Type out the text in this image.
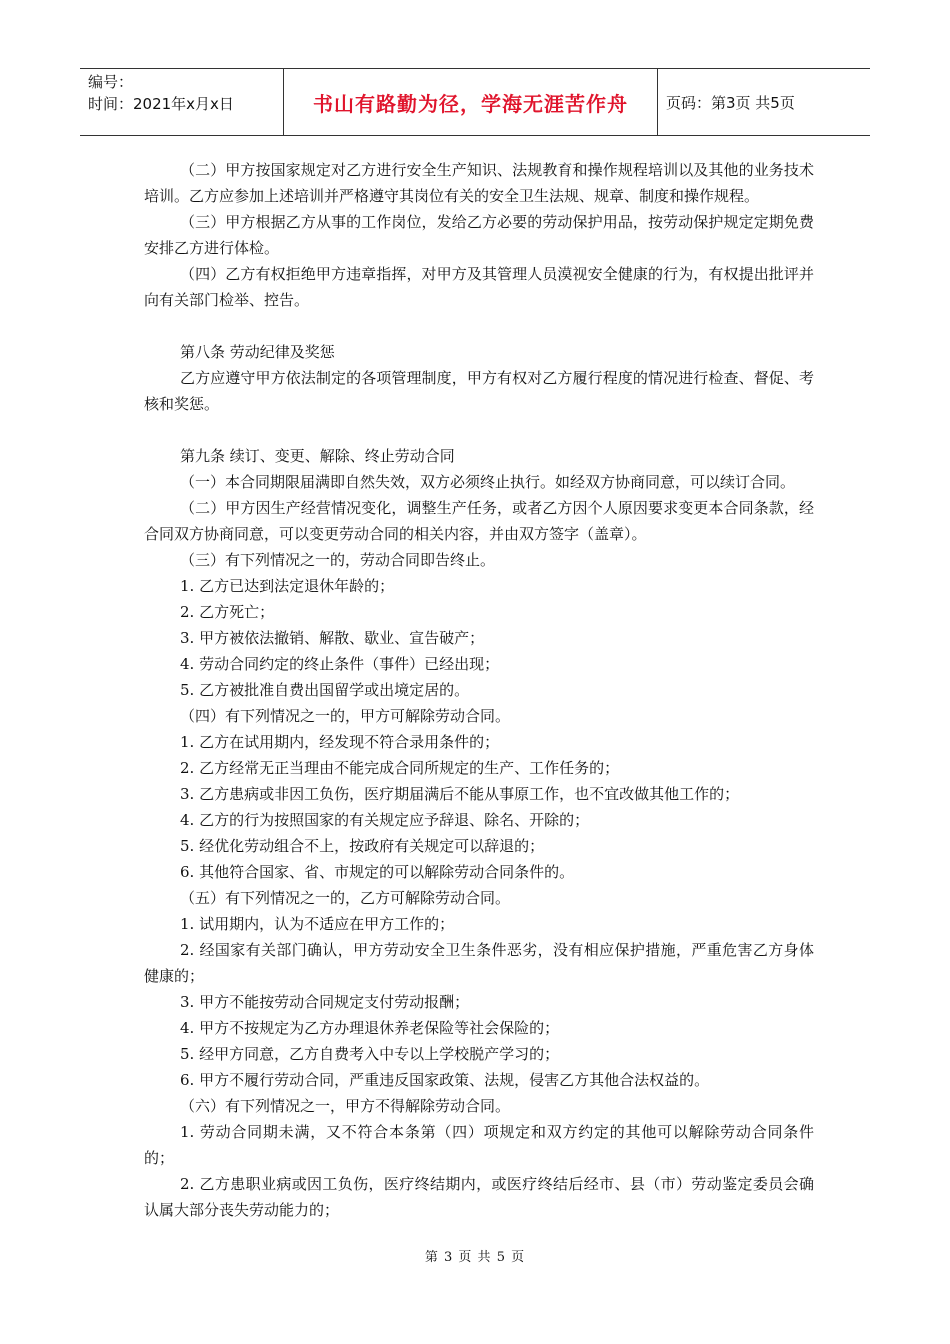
编号：
时间：2021年x月x日	书山有路勤为径，学海无涯苦作舟	页码：第3页 共5页

（二）甲方按国家规定对乙方进行安全生产知识、法规教育和操作规程培训以及其他的业务技术培训。乙方应参加上述培训并严格遵守其岗位有关的安全卫生法规、规章、制度和操作规程。

（三）甲方根据乙方从事的工作岗位，发给乙方必要的劳动保护用品，按劳动保护规定定期免费安排乙方进行体检。

（四）乙方有权拒绝甲方违章指挥，对甲方及其管理人员漠视安全健康的行为，有权提出批评并向有关部门检举、控告。

第八条 劳动纪律及奖惩

乙方应遵守甲方依法制定的各项管理制度，甲方有权对乙方履行程度的情况进行检查、督促、考核和奖惩。

第九条 续订、变更、解除、终止劳动合同

（一）本合同期限届满即自然失效，双方必须终止执行。如经双方协商同意，可以续订合同。

（二）甲方因生产经营情况变化，调整生产任务，或者乙方因个人原因要求变更本合同条款，经合同双方协商同意，可以变更劳动合同的相关内容，并由双方签字（盖章）。

（三）有下列情况之一的，劳动合同即告终止。

1. 乙方已达到法定退休年龄的；

2. 乙方死亡；

3. 甲方被依法撤销、解散、歇业、宣告破产；

4. 劳动合同约定的终止条件（事件）已经出现；

5. 乙方被批准自费出国留学或出境定居的。

（四）有下列情况之一的，甲方可解除劳动合同。

1. 乙方在试用期内，经发现不符合录用条件的；

2. 乙方经常无正当理由不能完成合同所规定的生产、工作任务的；

3. 乙方患病或非因工负伤，医疗期届满后不能从事原工作，也不宜改做其他工作的；

4. 乙方的行为按照国家的有关规定应予辞退、除名、开除的；

5. 经优化劳动组合不上，按政府有关规定可以辞退的；

6. 其他符合国家、省、市规定的可以解除劳动合同条件的。

（五）有下列情况之一的，乙方可解除劳动合同。

1. 试用期内，认为不适应在甲方工作的；

2. 经国家有关部门确认，甲方劳动安全卫生条件恶劣，没有相应保护措施，严重危害乙方身体健康的；

3. 甲方不能按劳动合同规定支付劳动报酬；

4. 甲方不按规定为乙方办理退休养老保险等社会保险的；

5. 经甲方同意，乙方自费考入中专以上学校脱产学习的；

6. 甲方不履行劳动合同，严重违反国家政策、法规，侵害乙方其他合法权益的。

（六）有下列情况之一，甲方不得解除劳动合同。

1. 劳动合同期未满，又不符合本条第（四）项规定和双方约定的其他可以解除劳动合同条件的；

2. 乙方患职业病或因工负伤，医疗终结期内，或医疗终结后经市、县（市）劳动鉴定委员会确认属大部分丧失劳动能力的；

第 3 页 共 5 页
